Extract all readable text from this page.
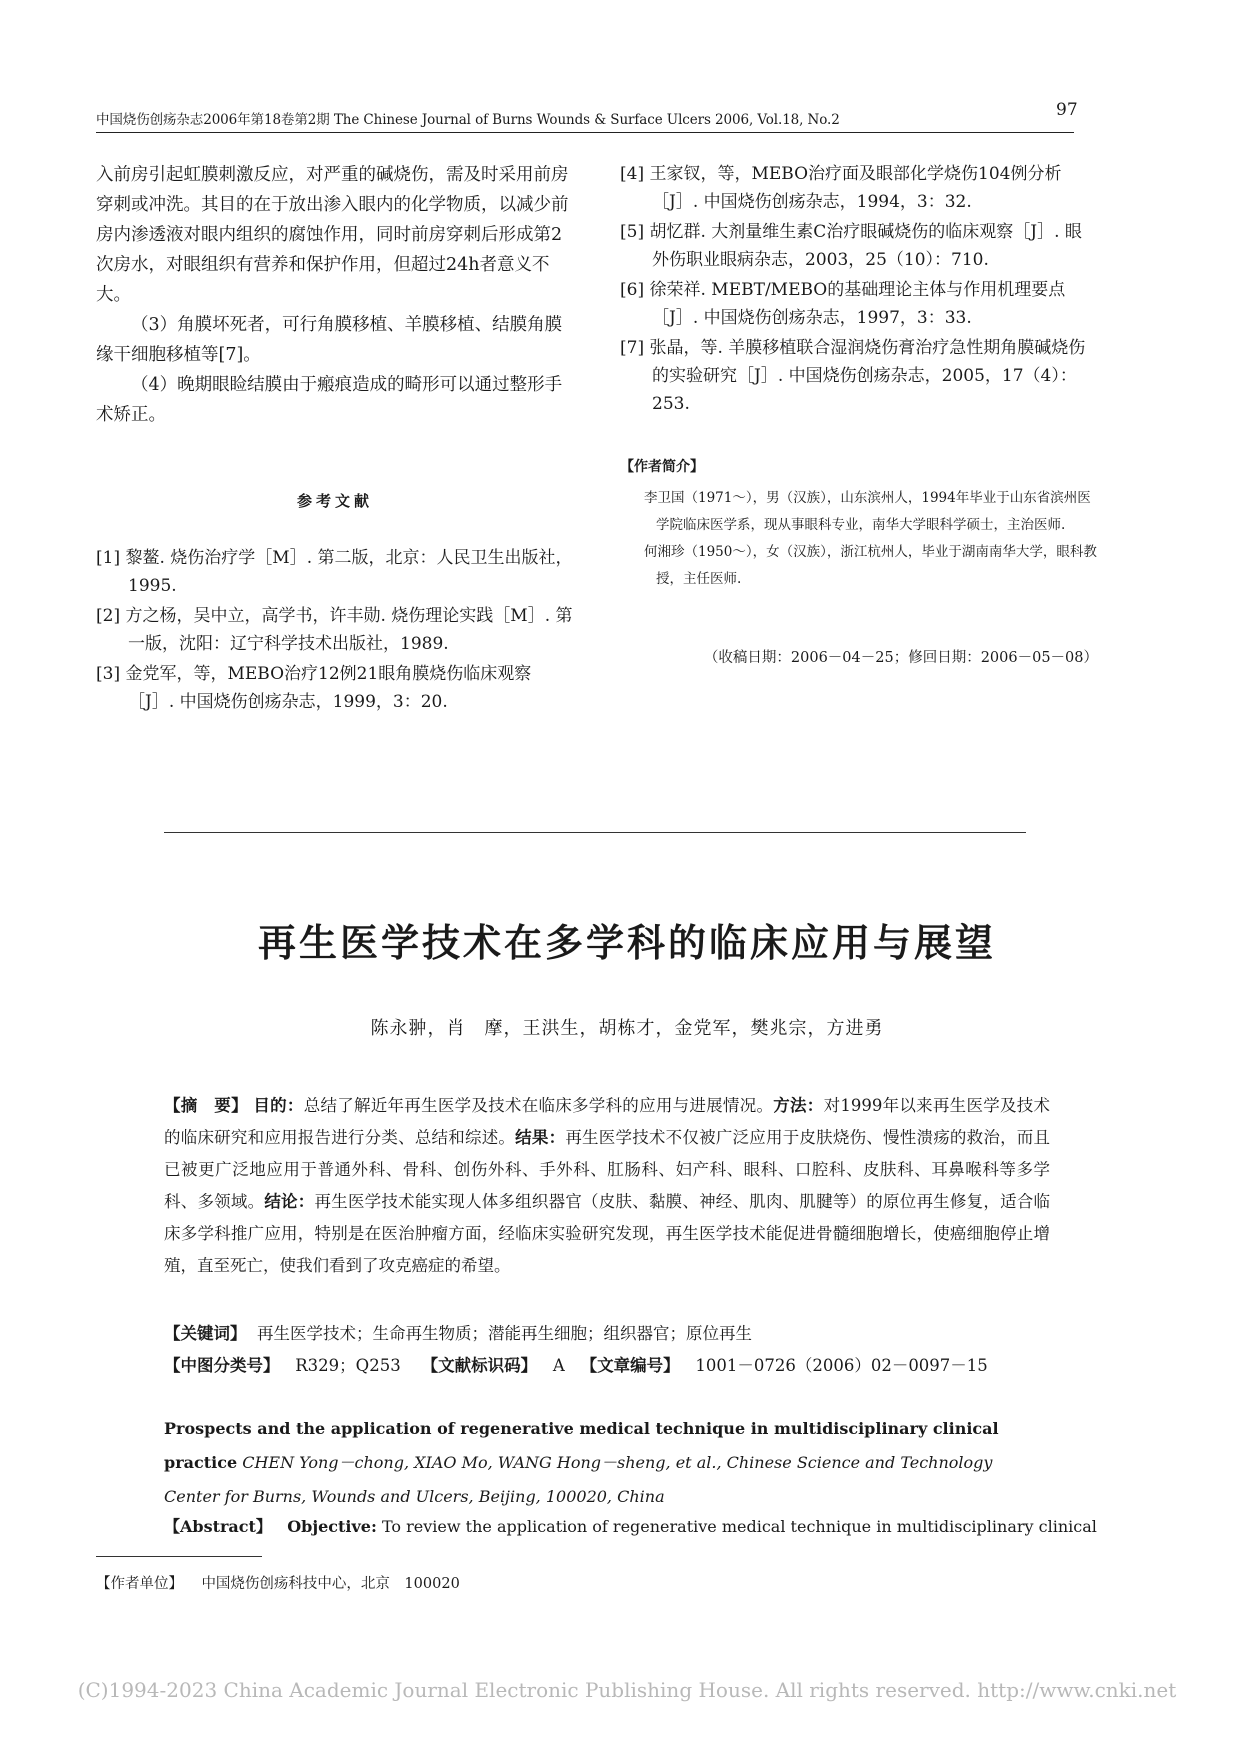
中国烧伤创疡杂志2006年第18卷第2期 The Chinese Journal of Burns Wounds & Surface Ulcers 2006, Vol.18, No.2	97

入前房引起虹膜刺激反应，对严重的碱烧伤，需及时采用前房穿刺或冲洗。其目的在于放出渗入眼内的化学物质，以减少前房内渗透液对眼内组织的腐蚀作用，同时前房穿刺后形成第2次房水，对眼组织有营养和保护作用，但超过24h者意义不大。

（3）角膜坏死者，可行角膜移植、羊膜移植、结膜角膜缘干细胞移植等[7]。

（4）晚期眼睑结膜由于瘢痕造成的畸形可以通过整形手术矫正。

参考文献

[1] 黎鳌. 烧伤治疗学［M］. 第二版，北京：人民卫生出版社，1995.

[2] 方之杨，吴中立，高学书，许丰勋. 烧伤理论实践［M］. 第一版，沈阳：辽宁科学技术出版社，1989.

[3] 金党军，等，MEBO治疗12例21眼角膜烧伤临床观察［J］. 中国烧伤创疡杂志，1999，3：20.

[4] 王家钗，等，MEBO治疗面及眼部化学烧伤104例分析［J］. 中国烧伤创疡杂志，1994，3：32.

[5] 胡忆群. 大剂量维生素C治疗眼碱烧伤的临床观察［J］. 眼外伤职业眼病杂志，2003，25（10）：710.

[6] 徐荣祥. MEBT/MEBO的基础理论主体与作用机理要点［J］. 中国烧伤创疡杂志，1997，3：33.

[7] 张晶，等. 羊膜移植联合湿润烧伤膏治疗急性期角膜碱烧伤的实验研究［J］. 中国烧伤创疡杂志，2005，17（4）：253.

【作者简介】

李卫国（1971～），男（汉族），山东滨州人，1994年毕业于山东省滨州医学院临床医学系，现从事眼科专业，南华大学眼科学硕士，主治医师.

何湘珍（1950～），女（汉族），浙江杭州人，毕业于湖南南华大学，眼科教授，主任医师.

（收稿日期：2006－04－25；修回日期：2006－05－08）
再生医学技术在多学科的临床应用与展望
陈永翀，肖　摩，王洪生，胡栋才，金党军，樊兆宗，方进勇

【摘　要】 目的：总结了解近年再生医学及技术在临床多学科的应用与进展情况。方法：对1999年以来再生医学及技术的临床研究和应用报告进行分类、总结和综述。结果：再生医学技术不仅被广泛应用于皮肤烧伤、慢性溃疡的救治，而且已被更广泛地应用于普通外科、骨科、创伤外科、手外科、肛肠科、妇产科、眼科、口腔科、皮肤科、耳鼻喉科等多学科、多领域。结论：再生医学技术能实现人体多组织器官（皮肤、黏膜、神经、肌肉、肌腱等）的原位再生修复，适合临床多学科推广应用，特别是在医治肿瘤方面，经临床实验研究发现，再生医学技术能促进骨髓细胞增长，使癌细胞停止增殖，直至死亡，使我们看到了攻克癌症的希望。

【关键词】 再生医学技术；生命再生物质；潜能再生细胞；组织器官；原位再生
【中图分类号】 R329；Q253 【文献标识码】 A 【文章编号】 1001－0726（2006）02－0097－15
Prospects and the application of regenerative medical technique in multidisciplinary clinical practice CHEN Yong－chong, XIAO Mo, WANG Hong－sheng, et al., Chinese Science and Technology Center for Burns, Wounds and Ulcers, Beijing, 100020, China
【Abstract】 Objective: To review the application of regenerative medical technique in multidisciplinary clinical
【作者单位】 中国烧伤创疡科技中心，北京　100020
(C)1994-2023 China Academic Journal Electronic Publishing House. All rights reserved. http://www.cnki.net
